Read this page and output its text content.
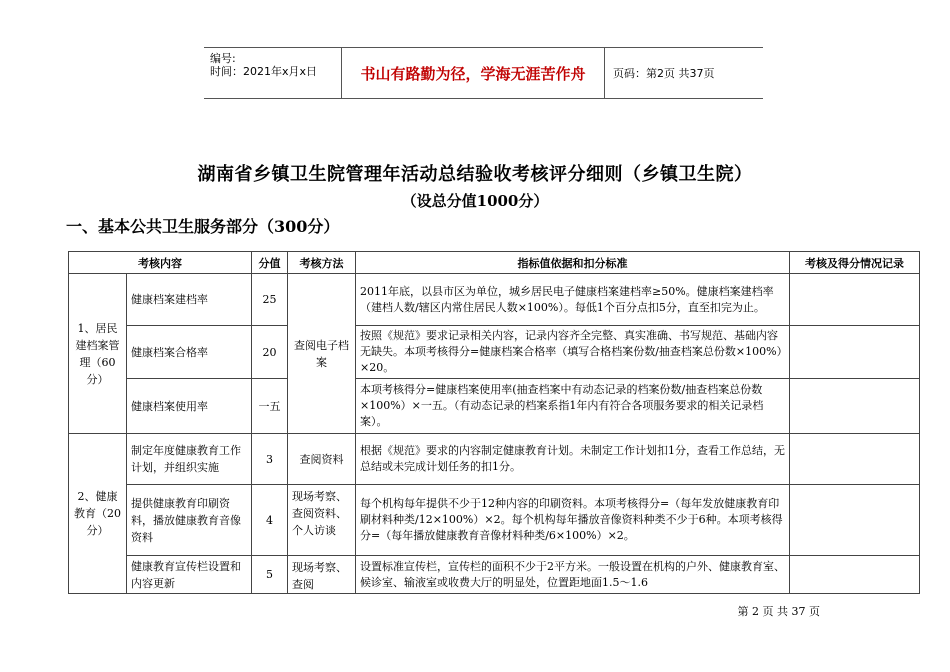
编号:
时间：2021年x月x日	书山有路勤为径，学海无涯苦作舟	页码：第2页 共37页
湖南省乡镇卫生院管理年活动总结验收考核评分细则（乡镇卫生院）
（设总分值1000分）
一、基本公共卫生服务部分（300分）
考核内容		分值	考核方法	指标值依据和扣分标准	考核及得分情况记录
1、居民建档案管理（60分）	健康档案建档率	25	查阅电子档案	2011年底，以县市区为单位，城乡居民电子健康档案建档率≥50%。健康档案建档率（建档人数/辖区内常住居民人数×100%）。每低1个百分点扣5分，直至扣完为止。	
	健康档案合格率	20		按照《规范》要求记录相关内容，记录内容齐全完整、真实准确、书写规范、基础内容无缺失。本项考核得分=健康档案合格率（填写合格档案份数/抽查档案总份数×100%）×20。	
	健康档案使用率	一五		本项考核得分=健康档案使用率(抽查档案中有动态记录的档案份数/抽查档案总份数×100%）×一五。（有动态记录的档案系指1年内有符合各项服务要求的相关记录档案）。	
2、健康教育（20分）	制定年度健康教育工作计划，并组织实施	3	查阅资料	根据《规范》要求的内容制定健康教育计划。未制定工作计划扣1分，查看工作总结，无总结或未完成计划任务的扣1分。	
	提供健康教育印刷资料，播放健康教育音像资料	4	现场考察、查阅资料、个人访谈	每个机构每年提供不少于12种内容的印刷资料。本项考核得分=（每年发放健康教育印刷材料种类/12×100%）×2。每个机构每年播放音像资料种类不少于6种。本项考核得分=（每年播放健康教育音像材料种类/6×100%）×2。	
	健康教育宣传栏设置和内容更新	5	现场考察、查阅	设置标准宣传栏，宣传栏的面积不少于2平方米。一般设置在机构的户外、健康教育室、候诊室、输液室或收费大厅的明显处，位置距地面1.5～1.6	
第 2 页 共 37 页
